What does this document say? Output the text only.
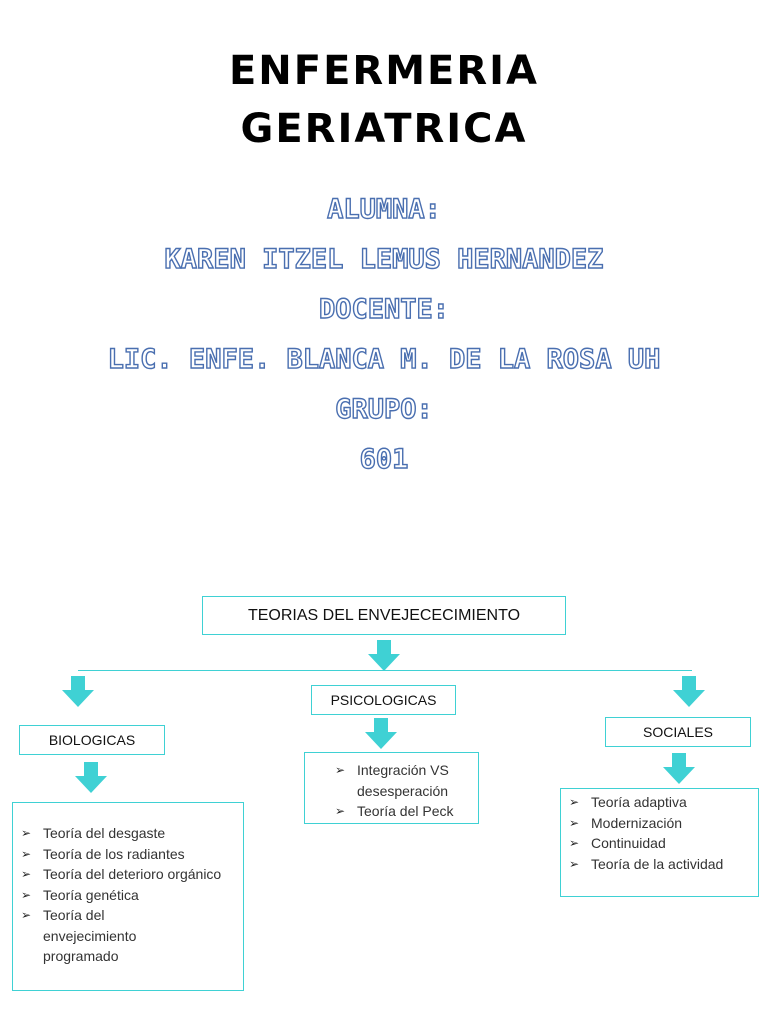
ENFERMERIA
GERIATRICA
ALUMNA:
KAREN ITZEL LEMUS HERNANDEZ
DOCENTE:
LIC. ENFE. BLANCA M. DE LA ROSA UH
GRUPO:
601
TEORIAS DEL ENVEJECECIMIENTO
BIOLOGICAS
➢ Teoría del desgaste
➢ Teoría de los radiantes
➢ Teoría del deterioro orgánico
➢ Teoría genética
➢ Teoría del envejecimiento programado
PSICOLOGICAS
➢ Integración VS desesperación
➢ Teoría del Peck
SOCIALES
➢ Teoría adaptiva
➢ Modernización
➢ Continuidad
➢ Teoría de la actividad
